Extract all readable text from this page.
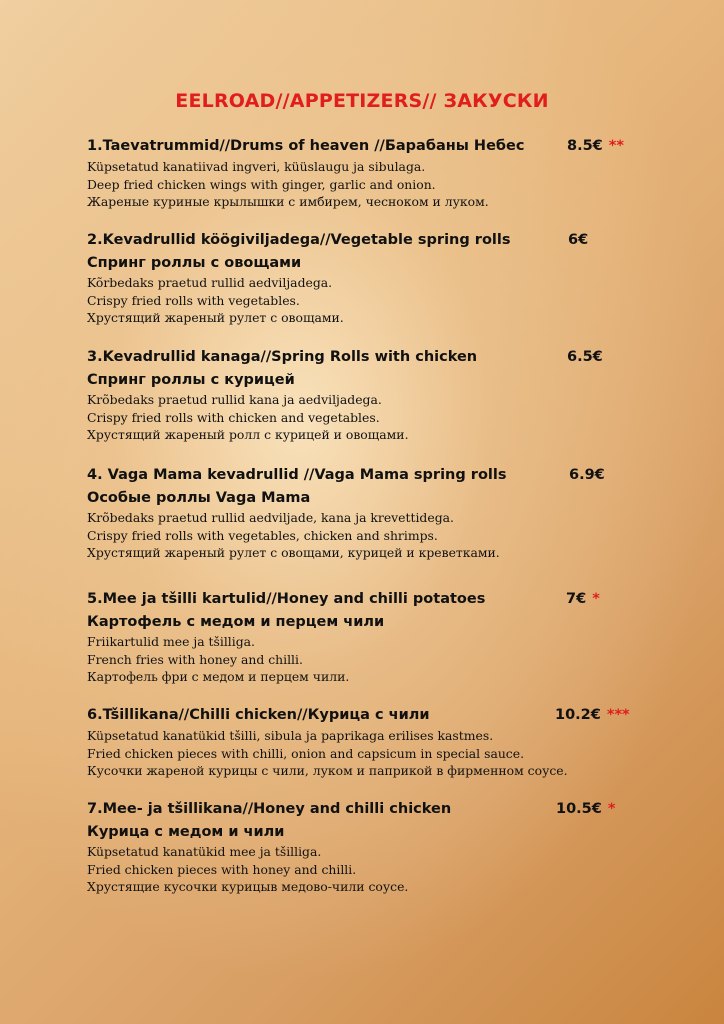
EELROAD//APPETIZERS// ЗАКУСКИ
1.Taevatrummid//Drums of heaven //Барабаны Небес	8.5€ **
Küpsetatud kanatiivad ingveri, küüslaugu ja sibulaga.
Deep fried chicken wings with ginger, garlic and onion.
Жареные куриные крылышки с имбирем, чесноком и луком.
2.Kevadrullid köögiviljadega//Vegetable spring rolls	6€
Спринг роллы с овощами
Kõrbedaks praetud rullid aedviljadega.
Crispy fried rolls with vegetables.
Хрустящий жареный рулет с овощами.
3.Kevadrullid kanaga//Spring Rolls with chicken	6.5€
Спринг роллы с курицей
Krõbedaks praetud rullid kana ja aedviljadega.
Crispy fried rolls with chicken and vegetables.
Хрустящий жареный ролл с курицей и овощами.
4. Vaga Mama kevadrullid //Vaga Mama spring rolls	6.9€
Особые роллы Vaga Mama
Krõbedaks praetud rullid aedviljade, kana ja krevettidega.
Crispy fried rolls with vegetables, chicken and shrimps.
Хрустящий жареный рулет с овощами, курицей и креветками.
5.Mee ja tšilli kartulid//Honey and chilli potatoes	7€ *
Картофель с медом и перцем чили
Friikartulid mee ja tšilliga.
French fries with honey and chilli.
Картофель фри с медом и перцем чили.
6.Tšillikana//Chilli chicken//Курица с чили	10.2€ ***
Küpsetatud kanatükid tšilli, sibula ja paprikaga erilises kastmes.
Fried chicken pieces with chilli, onion and capsicum in special sauce.
Кусочки жареной курицы с чили, луком и паприкой в фирменном соусе.
7.Mee- ja tšillikana//Honey and chilli chicken	10.5€ *
Курица с медом и чили
Küpsetatud kanatükid mee ja tšilliga.
Fried chicken pieces with honey and chilli.
Хрустящие кусочки курицыв медово-чили соусе.
